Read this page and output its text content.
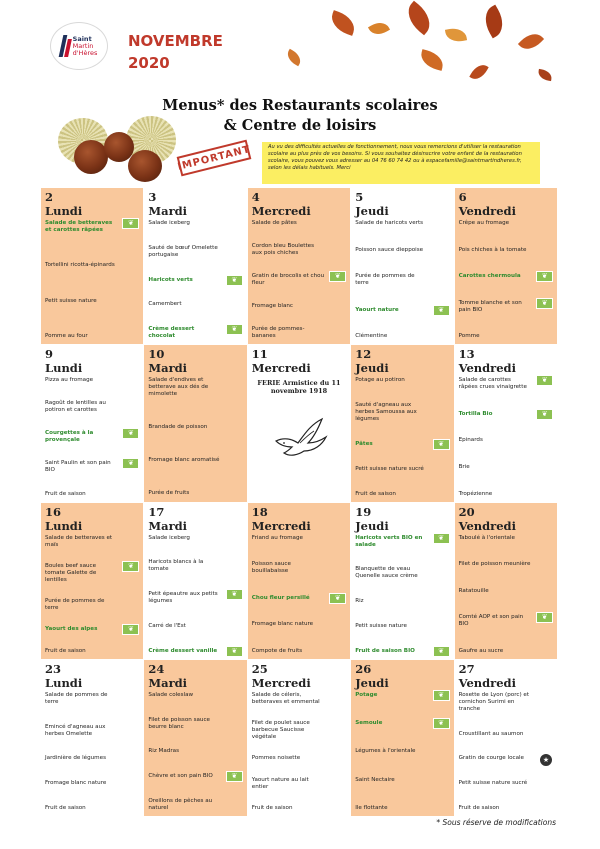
Saint
Martin
d'Hères
NOVEMBRE
2020
Menus* des Restaurants scolaires
& Centre de loisirs
IMPORTANT	Au vu des difficultés actuelles de fonctionnement, nous vous remercions d'utiliser la restauration scolaire au plus près de vos besoins. Si vous souhaitez désinscrire votre enfant de la restauration scolaire, vous pouvez vous adresser au 04 76 60 74 42 ou à espacefamille@saintmartindheres.fr, selon les délais habituels. Merci
2
Lundi
Salade de betteraves et carottes râpées
❦
Tortellini ricotta-épinards
Petit suisse nature
Pomme au four
3
Mardi
Salade iceberg
Sauté de bœuf Omelette portugaise
Haricots verts	❦
Camembert
Crème dessert chocolat
❦
4
Mercredi
Salade de pâtes
Cordon bleu Boulettes aux pois chiches
Gratin de brocolis et chou fleur
❦
Fromage blanc
Purée de pommes-bananes
5
Jeudi
Salade de haricots verts
Poisson sauce dieppoise
Purée de pommes de terre
Yaourt nature	❦
Clémentine
6
Vendredi
Crêpe au fromage
Pois chiches à la tomate
Carottes chermoula	❦
Tomme blanche et son pain BIO
❦
Pomme
9
Lundi
Pizza au fromage
Ragoût de lentilles au potiron et carottes
Courgettes à la provençale
❦
Saint Paulin et son pain BIO
❦
Fruit de saison
10
Mardi
Salade d'endives et betterave aux dés de mimolette
Brandade de poisson
Fromage blanc aromatisé
Purée de fruits
11
Mercredi
FERIE Armistice du 11 novembre 1918
12
Jeudi
Potage au potiron
Sauté d'agneau aux herbes Samoussa aux légumes
Pâtes	❦
Petit suisse nature sucré
Fruit de saison
13
Vendredi
Salade de carottes râpées crues vinaigrette
❦
Tortilla Bio	❦
Epinards
Brie
Tropézienne
16
Lundi
Salade de betteraves et maïs
Boules beef sauce tomate Galette de lentilles
❦
Purée de pommes de terre
Yaourt des alpes	❦
Fruit de saison
17
Mardi
Salade iceberg
Haricots blancs à la tomate
Petit épeautre aux petits légumes
❦
Carré de l'Est
Crème dessert vanille	❦
18
Mercredi
Friand au fromage
Poisson sauce bouillabaisse
Chou fleur persillé	❦
Fromage blanc nature
Compote de fruits
19
Jeudi
Haricots verts BIO en salade
❦
Blanquette de veau Quenelle sauce crème
Riz
Petit suisse nature
Fruit de saison BIO	❦
20
Vendredi
Taboulé à l'orientale
Filet de poisson meunière
Ratatouille
Comté AOP et son pain BIO
❦
Gaufre au sucre
23
Lundi
Salade de pommes de terre
Emincé d'agneau aux herbes Omelette
Jardinière de légumes
Fromage blanc nature
Fruit de saison
24
Mardi
Salade coleslaw
Filet de poisson sauce beurre blanc
Riz Madras
Chèvre et son pain BIO	❦
Oreillons de pêches au naturel
25
Mercredi
Salade de céleris, betteraves et emmental
Filet de poulet sauce barbecue Saucisse végétale
Pommes noisette
Yaourt nature au lait entier
Fruit de saison
26
Jeudi
Potage	❦
Semoule	❦
Légumes à l'orientale
Saint Nectaire
Ile flottante
27
Vendredi
Rosette de Lyon (porc) et cornichon Surimi en tranche
Croustillant au saumon
Gratin de courge locale	★
Petit suisse nature sucré
Fruit de saison
* Sous réserve de modifications
